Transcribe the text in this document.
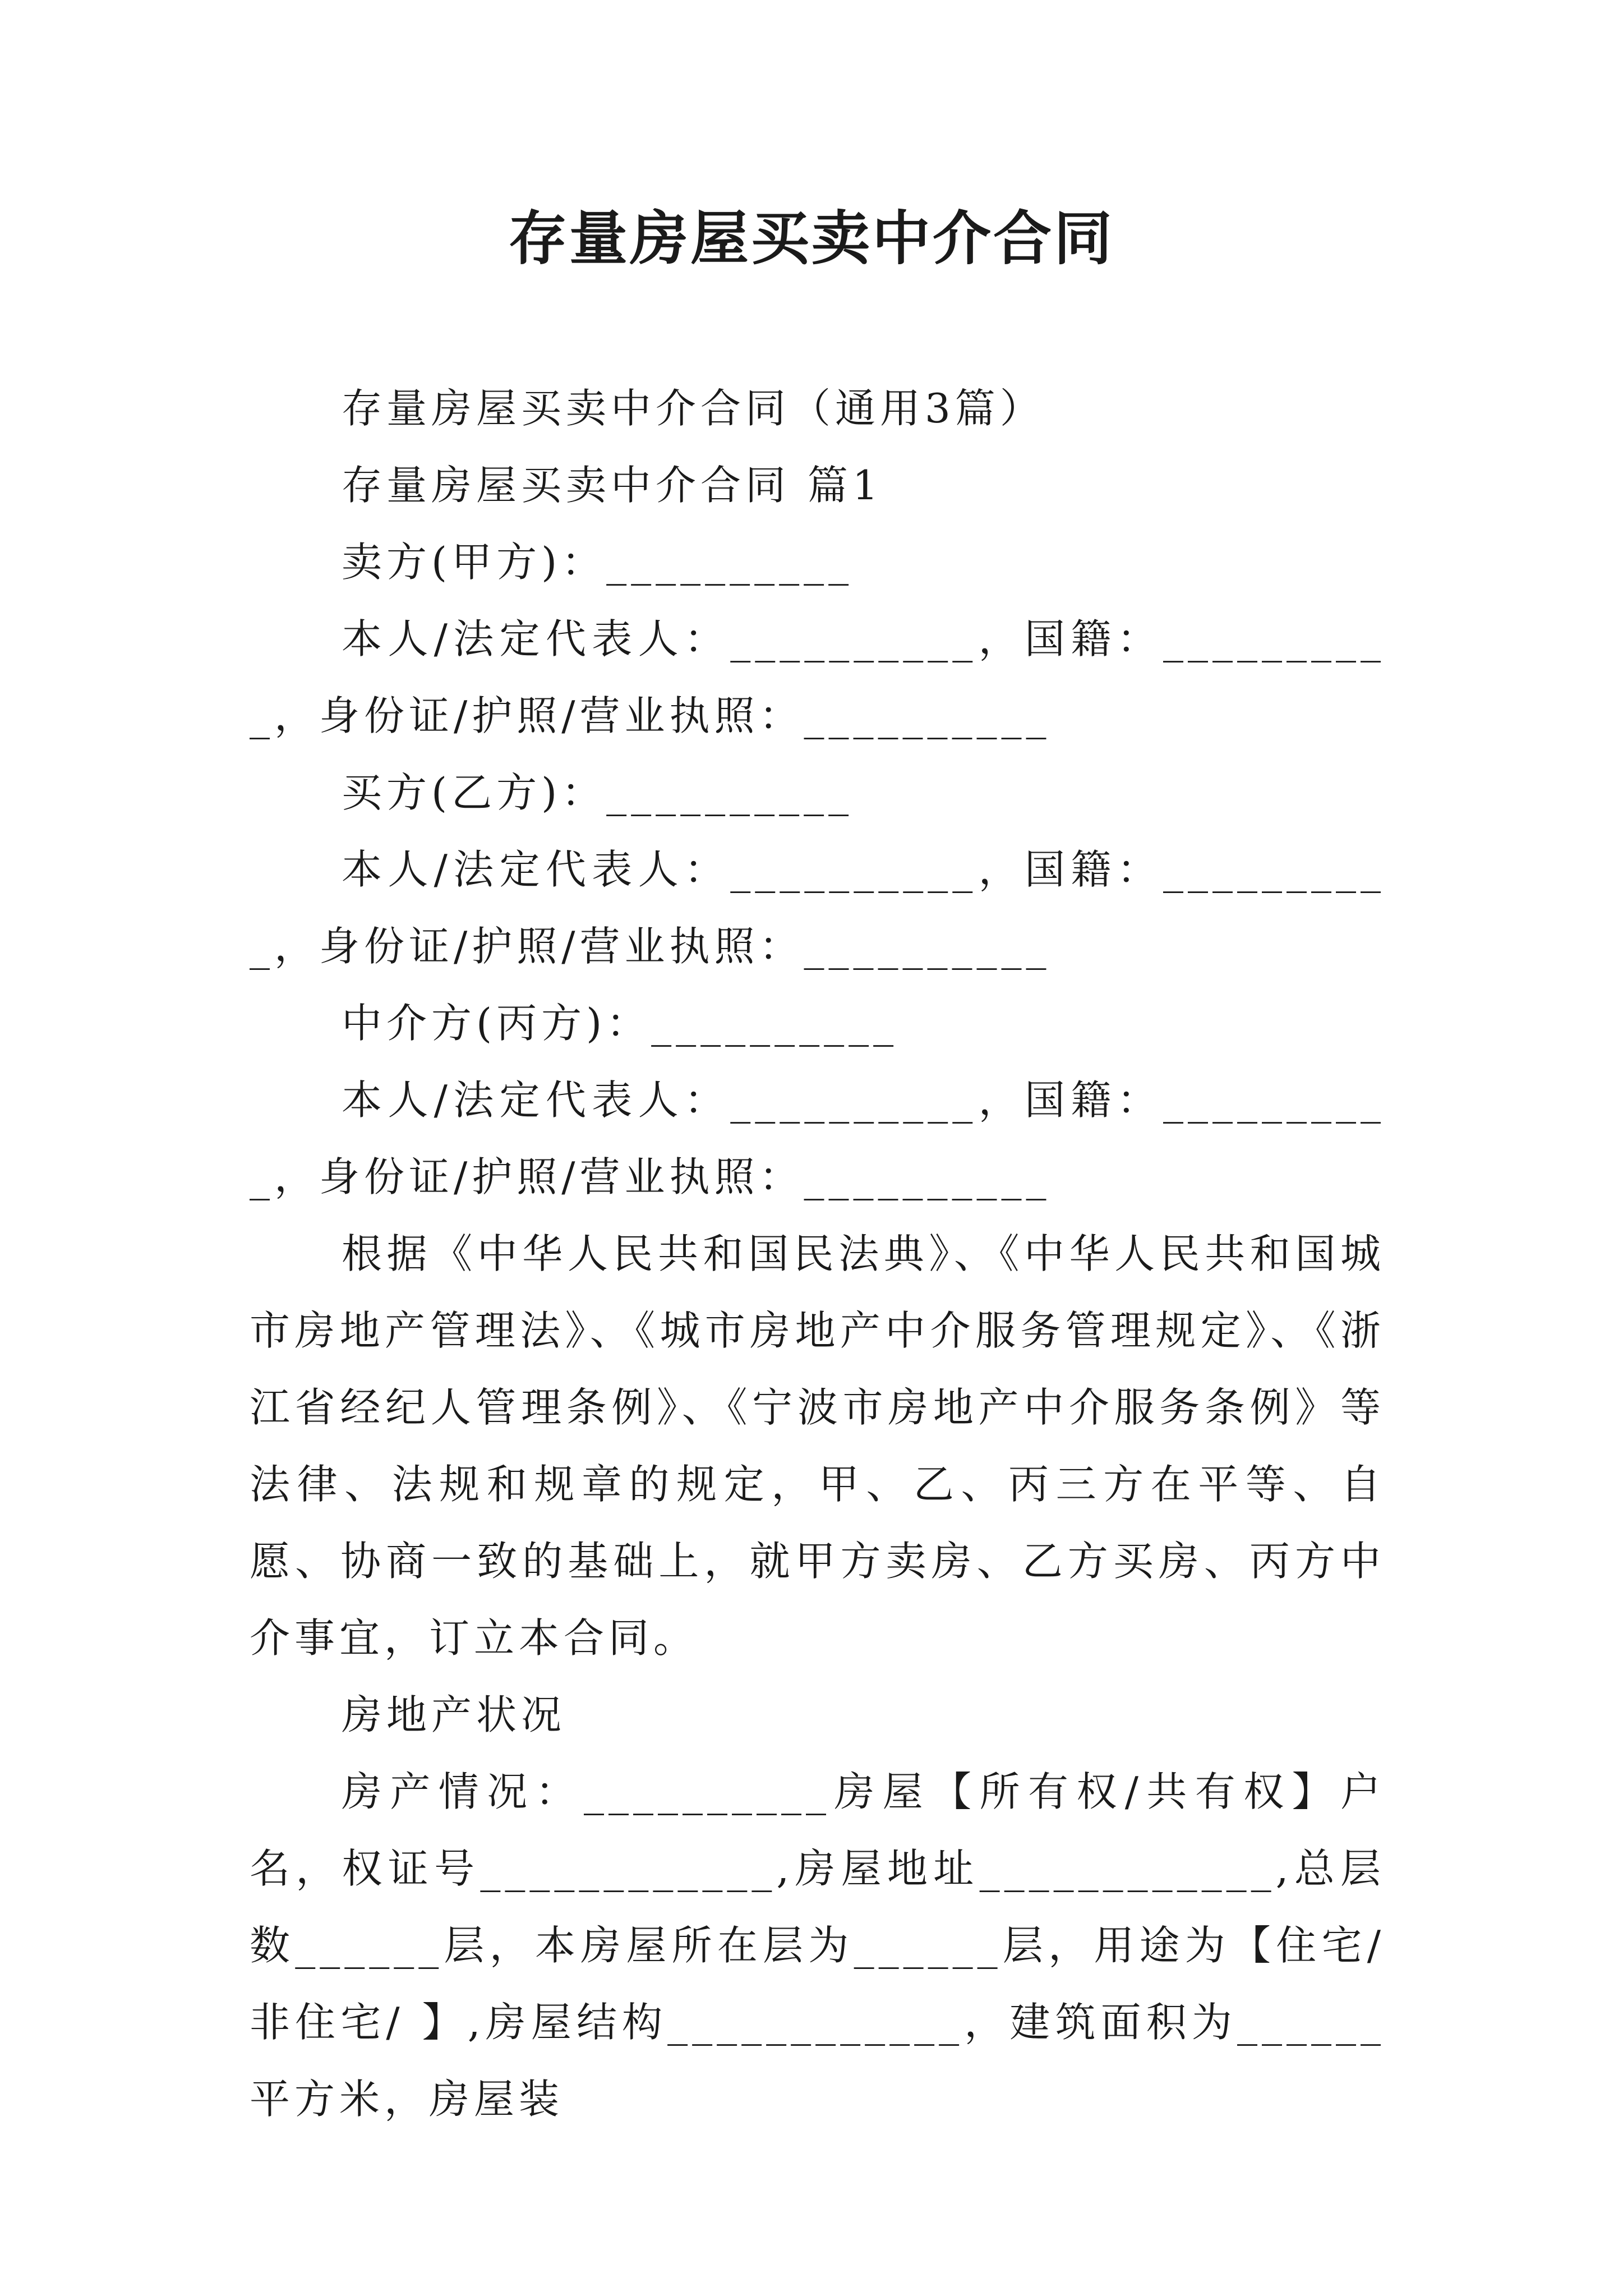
存量房屋买卖中介合同

存量房屋买卖中介合同（通用3篇）

存量房屋买卖中介合同 篇1

卖方(甲方)：__________

本人/法定代表人：__________，国籍：__________，身份证/护照/营业执照：__________

买方(乙方)：__________

本人/法定代表人：__________，国籍：__________，身份证/护照/营业执照：__________

中介方(丙方)：__________

本人/法定代表人：__________，国籍：__________，身份证/护照/营业执照：__________

根据《中华人民共和国民法典》、《中华人民共和国城市房地产管理法》、《城市房地产中介服务管理规定》、《浙江省经纪人管理条例》、《宁波市房地产中介服务条例》等法律、法规和规章的规定，甲、乙、丙三方在平等、自愿、协商一致的基础上，就甲方卖房、乙方买房、丙方中介事宜，订立本合同。

房地产状况

房产情况：__________房屋【所有权/共有权】户名，权证号____________,房屋地址____________,总层数______层，本房屋所在层为______层，用途为【住宅/非住宅/ 】,房屋结构____________，建筑面积为______平方米，房屋装
